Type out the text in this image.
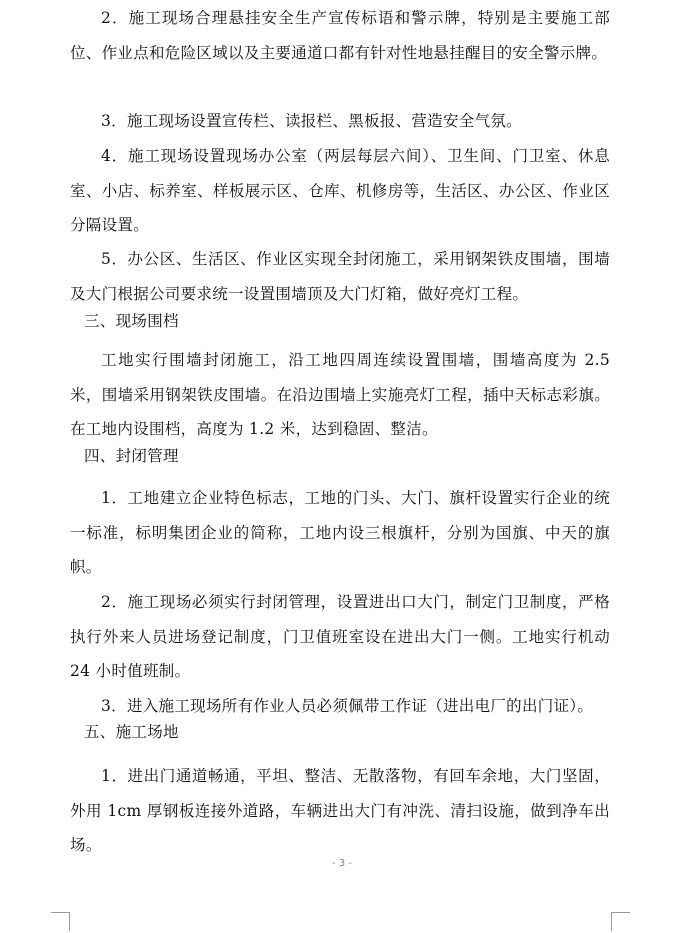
2．施工现场合理悬挂安全生产宣传标语和警示牌，特别是主要施工部位、作业点和危险区域以及主要通道口都有针对性地悬挂醒目的安全警示牌。

3．施工现场设置宣传栏、读报栏、黑板报、营造安全气氛。

4．施工现场设置现场办公室（两层每层六间）、卫生间、门卫室、休息室、小店、标养室、样板展示区、仓库、机修房等，生活区、办公区、作业区分隔设置。

5．办公区、生活区、作业区实现全封闭施工，采用钢架铁皮围墙，围墙及大门根据公司要求统一设置围墙顶及大门灯箱，做好亮灯工程。

三、现场围档

工地实行围墙封闭施工，沿工地四周连续设置围墙，围墙高度为 2.5 米，围墙采用钢架铁皮围墙。在沿边围墙上实施亮灯工程，插中天标志彩旗。在工地内设围档，高度为 1.2 米，达到稳固、整洁。

四、封闭管理

1．工地建立企业特色标志，工地的门头、大门、旗杆设置实行企业的统一标准，标明集团企业的简称，工地内设三根旗杆，分别为国旗、中天的旗帜。

2．施工现场必须实行封闭管理，设置进出口大门，制定门卫制度，严格执行外来人员进场登记制度，门卫值班室设在进出大门一侧。工地实行机动 24 小时值班制。

3．进入施工现场所有作业人员必须佩带工作证（进出电厂的出门证）。

五、施工场地

1．进出门通道畅通，平坦、整洁、无散落物，有回车余地，大门坚固，外用 1cm 厚钢板连接外道路，车辆进出大门有冲洗、清扫设施，做到净车出场。

- 3 -
